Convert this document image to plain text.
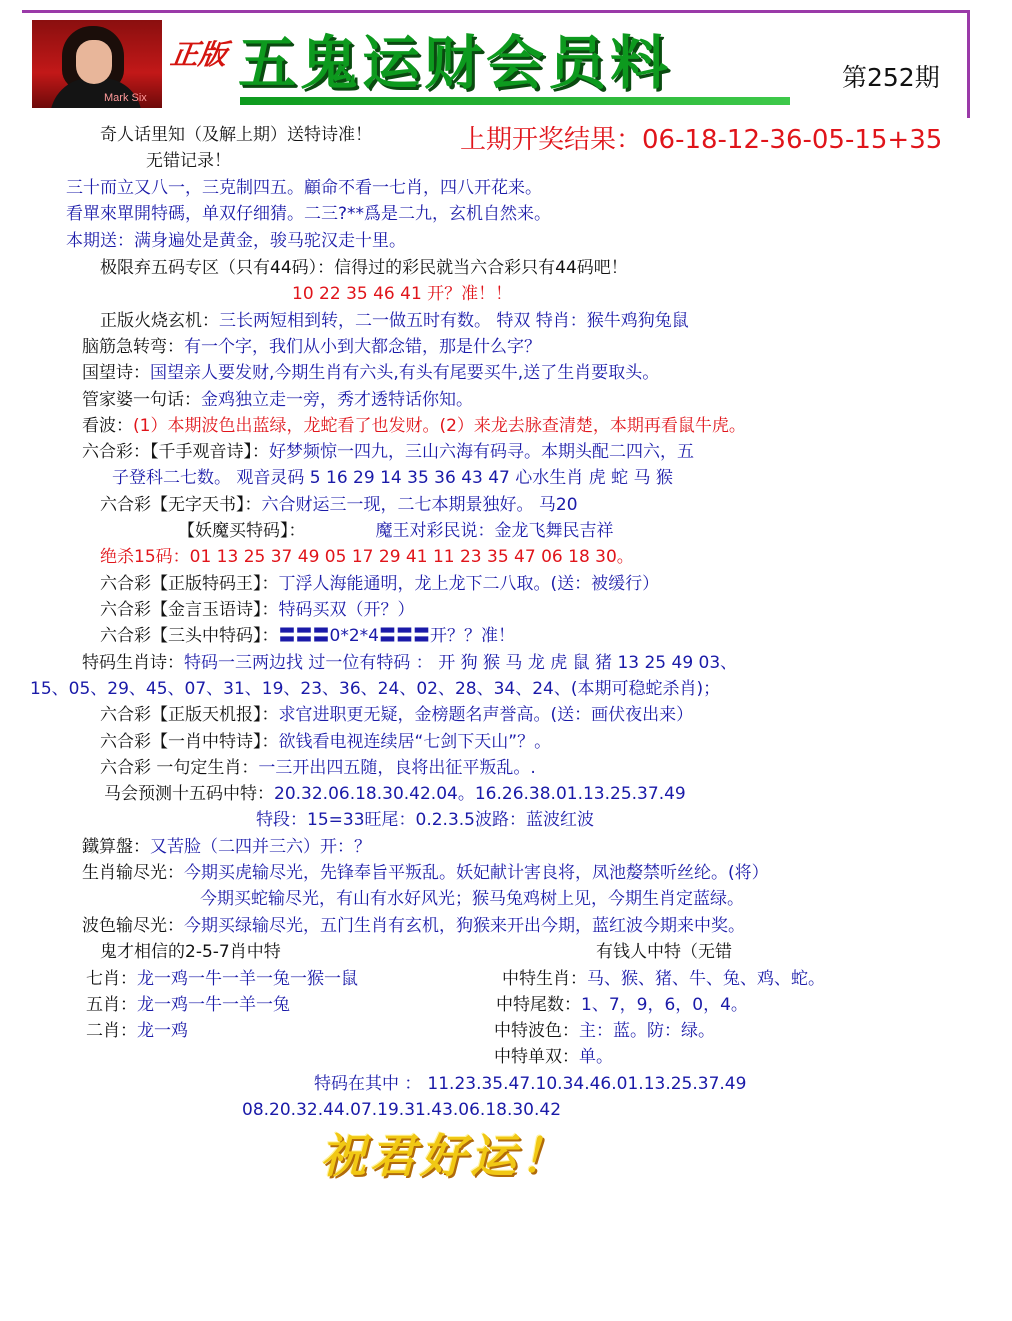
Mark Six
正版 五鬼运财会员料	第252期
奇人话里知（及解上期）送特诗准！	上期开奖结果：06-18-12-36-05-15+35
无错记录！
三十而立又八一，三克制四五。顧命不看一七肖，四八开花来。
看單來單開特碼，单双仔细猜。二三?**爲是二九，玄机自然来。
本期送：满身遍处是黄金，骏马驼汉走十里。
极限弃五码专区（只有44码）：信得过的彩民就当六合彩只有44码吧！
10 22 35 46 41 开？准！！
正版火烧玄机：三长两短相到转，二一做五时有数。 特双 特肖：猴牛鸡狗兔鼠
脑筋急转弯：有一个字，我们从小到大都念错，那是什么字？
国望诗：国望亲人要发财,今期生肖有六头,有头有尾要买牛,送了生肖要取头。
管家婆一句话：金鸡独立走一旁，秀才透特话你知。
看波：(1）本期波色出蓝绿，龙蛇看了也发财。(2）来龙去脉查清楚，本期再看鼠牛虎。
六合彩：【千手观音诗】：好梦频惊一四九，三山六海有码寻。本期头配二四六，五
子登科二七数。 观音灵码 5 16 29 14 35 36 43 47 心水生肖 虎 蛇 马 猴
六合彩【无字天书】：六合财运三一现，二七本期景独好。 马20
【妖魔买特码】：	魔王对彩民说：金龙飞舞民吉祥
绝杀15码：01 13 25 37 49 05 17 29 41 11 23 35 47 06 18 30。
六合彩【正版特码王】：丁浮人海能通明，龙上龙下二八取。(送：被缓行）
六合彩【金言玉语诗】：特码买双（开？）
六合彩【三头中特码】：〓〓〓0*2*4〓〓〓开？？准！
特码生肖诗：特码一三两边找 过一位有特码 ： 开 狗 猴 马 龙 虎 鼠 猪 13 25 49 03、
15、05、29、45、07、31、19、23、36、24、02、28、34、24、(本期可稳蛇杀肖)；
六合彩【正版天机报】：求官进职更无疑，金榜题名声誉高。(送：画伏夜出来）
六合彩【一肖中特诗】：欲钱看电视连续居“七剑下天山”？。
六合彩 一句定生肖：一三开出四五随，良将出征平叛乱。.
马会预测十五码中特：20.32.06.18.30.42.04。16.26.38.01.13.25.37.49
特段：15=33旺尾：0.2.3.5波路：蓝波红波
鐵算盤：又苦脸（二四并三六）开：？
生肖输尽光：今期买虎输尽光，先锋奉旨平叛乱。妖妃献计害良将，凤池嫠禁听丝纶。(将）
今期买蛇输尽光，有山有水好风光；猴马兔鸡树上见，今期生肖定蓝绿。
波色输尽光：今期买绿输尽光，五门生肖有玄机，狗猴来开出今期，蓝红波今期来中奖。
鬼才相信的2-5-7肖中特	有钱人中特（无错
七肖：龙一鸡一牛一羊一兔一猴一鼠	中特生肖：马、猴、猪、牛、兔、鸡、蛇。
五肖：龙一鸡一牛一羊一兔	中特尾数：1、7，9，6，0，4。
二肖：龙一鸡	中特波色：主：蓝。防：绿。
中特单双：单。
特码在其中 ： 11.23.35.47.10.34.46.01.13.25.37.49
08.20.32.44.07.19.31.43.06.18.30.42
祝君好运！
